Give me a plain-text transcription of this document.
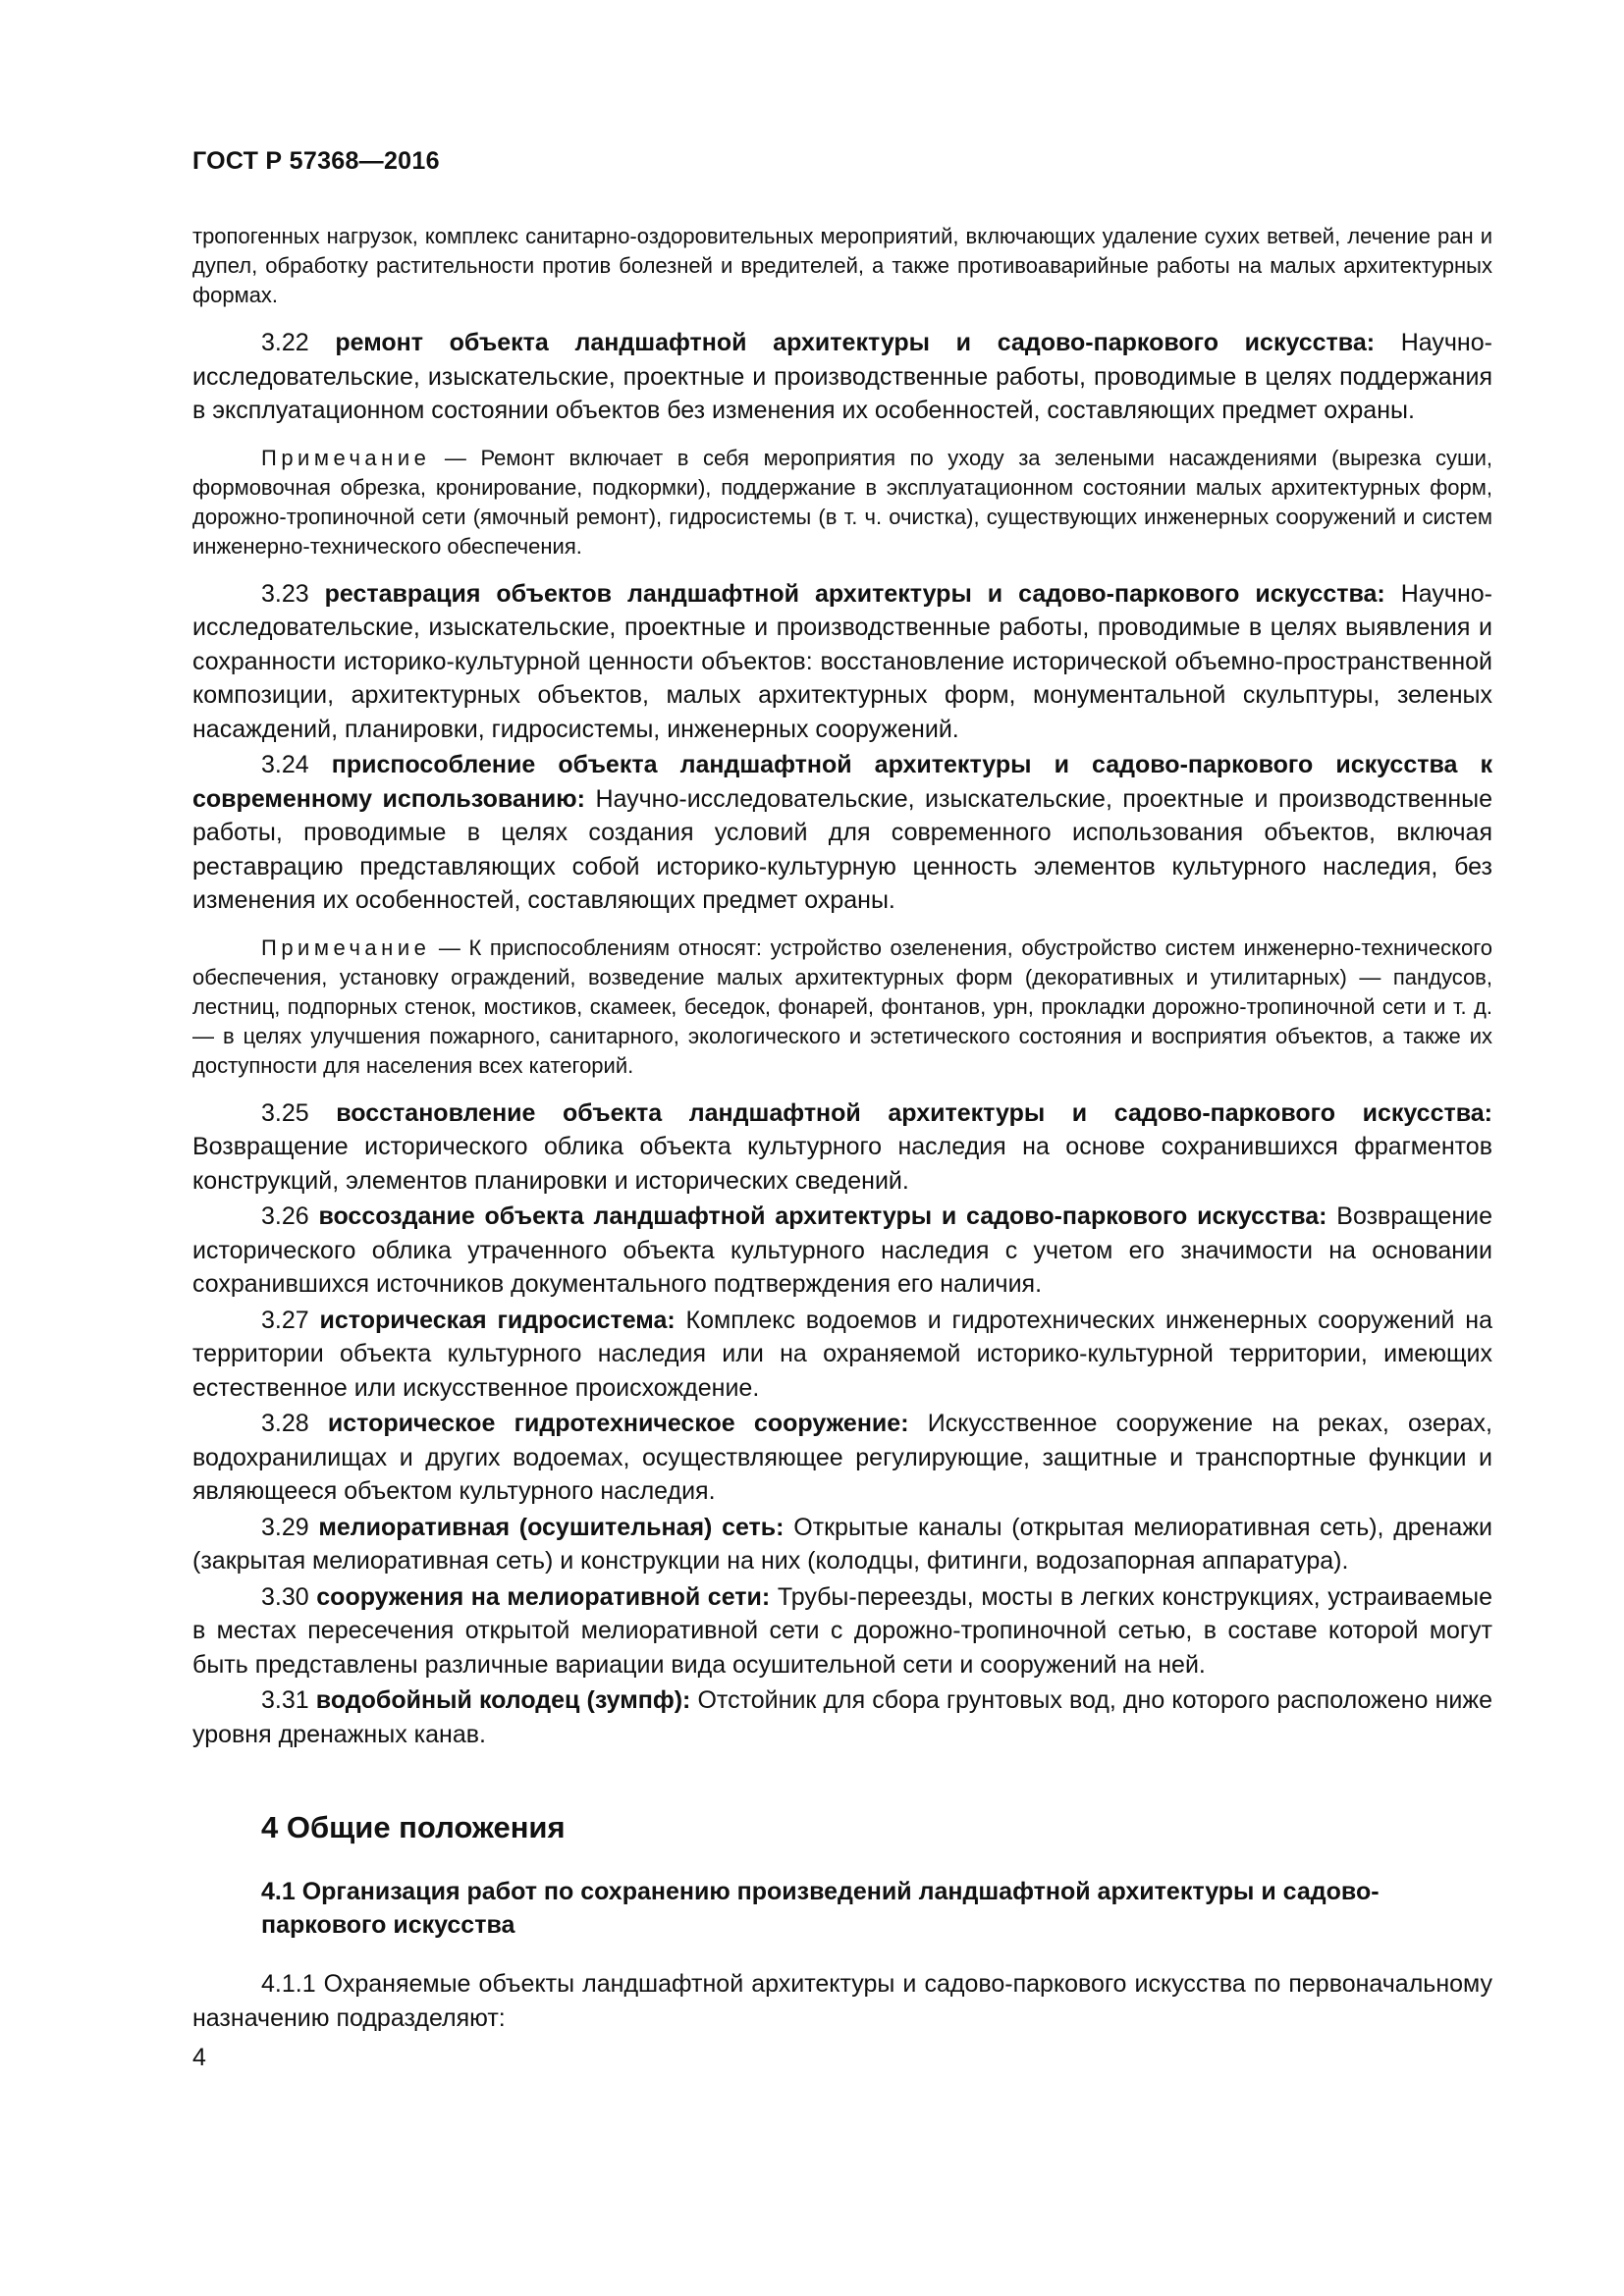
ГОСТ Р 57368—2016

тропогенных нагрузок, комплекс санитарно-оздоровительных мероприятий, включающих удаление сухих ветвей, лечение ран и дупел, обработку растительности против болезней и вредителей, а также противоаварийные работы на малых архитектурных формах.

3.22 ремонт объекта ландшафтной архитектуры и садово-паркового искусства: Научно-исследовательские, изыскательские, проектные и производственные работы, проводимые в целях поддержания в эксплуатационном состоянии объектов без изменения их особенностей, составляющих предмет охраны.

Примечание — Ремонт включает в себя мероприятия по уходу за зелеными насаждениями (вырезка суши, формовочная обрезка, кронирование, подкормки), поддержание в эксплуатационном состоянии малых архитектурных форм, дорожно-тропиночной сети (ямочный ремонт), гидросистемы (в т. ч. очистка), существующих инженерных сооружений и систем инженерно-технического обеспечения.

3.23 реставрация объектов ландшафтной архитектуры и садово-паркового искусства: Научно-исследовательские, изыскательские, проектные и производственные работы, проводимые в целях выявления и сохранности историко-культурной ценности объектов: восстановление исторической объемно-пространственной композиции, архитектурных объектов, малых архитектурных форм, монументальной скульптуры, зеленых насаждений, планировки, гидросистемы, инженерных сооружений.

3.24 приспособление объекта ландшафтной архитектуры и садово-паркового искусства к современному использованию: Научно-исследовательские, изыскательские, проектные и производственные работы, проводимые в целях создания условий для современного использования объектов, включая реставрацию представляющих собой историко-культурную ценность элементов культурного наследия, без изменения их особенностей, составляющих предмет охраны.

Примечание — К приспособлениям относят: устройство озеленения, обустройство систем инженерно-технического обеспечения, установку ограждений, возведение малых архитектурных форм (декоративных и утилитарных) — пандусов, лестниц, подпорных стенок, мостиков, скамеек, беседок, фонарей, фонтанов, урн, прокладки дорожно-тропиночной сети и т. д. — в целях улучшения пожарного, санитарного, экологического и эстетического состояния и восприятия объектов, а также их доступности для населения всех категорий.

3.25 восстановление объекта ландшафтной архитектуры и садово-паркового искусства: Возвращение исторического облика объекта культурного наследия на основе сохранившихся фрагментов конструкций, элементов планировки и исторических сведений.

3.26 воссоздание объекта ландшафтной архитектуры и садово-паркового искусства: Возвращение исторического облика утраченного объекта культурного наследия с учетом его значимости на основании сохранившихся источников документального подтверждения его наличия.

3.27 историческая гидросистема: Комплекс водоемов и гидротехнических инженерных сооружений на территории объекта культурного наследия или на охраняемой историко-культурной территории, имеющих естественное или искусственное происхождение.

3.28 историческое гидротехническое сооружение: Искусственное сооружение на реках, озерах, водохранилищах и других водоемах, осуществляющее регулирующие, защитные и транспортные функции и являющееся объектом культурного наследия.

3.29 мелиоративная (осушительная) сеть: Открытые каналы (открытая мелиоративная сеть), дренажи (закрытая мелиоративная сеть) и конструкции на них (колодцы, фитинги, водозапорная аппаратура).

3.30 сооружения на мелиоративной сети: Трубы-переезды, мосты в легких конструкциях, устраиваемые в местах пересечения открытой мелиоративной сети с дорожно-тропиночной сетью, в составе которой могут быть представлены различные вариации вида осушительной сети и сооружений на ней.

3.31 водобойный колодец (зумпф): Отстойник для сбора грунтовых вод, дно которого расположено ниже уровня дренажных канав.

4 Общие положения
4.1 Организация работ по сохранению произведений ландшафтной архитектуры и садово-паркового искусства

4.1.1 Охраняемые объекты ландшафтной архитектуры и садово-паркового искусства по первоначальному назначению подразделяют:

4
